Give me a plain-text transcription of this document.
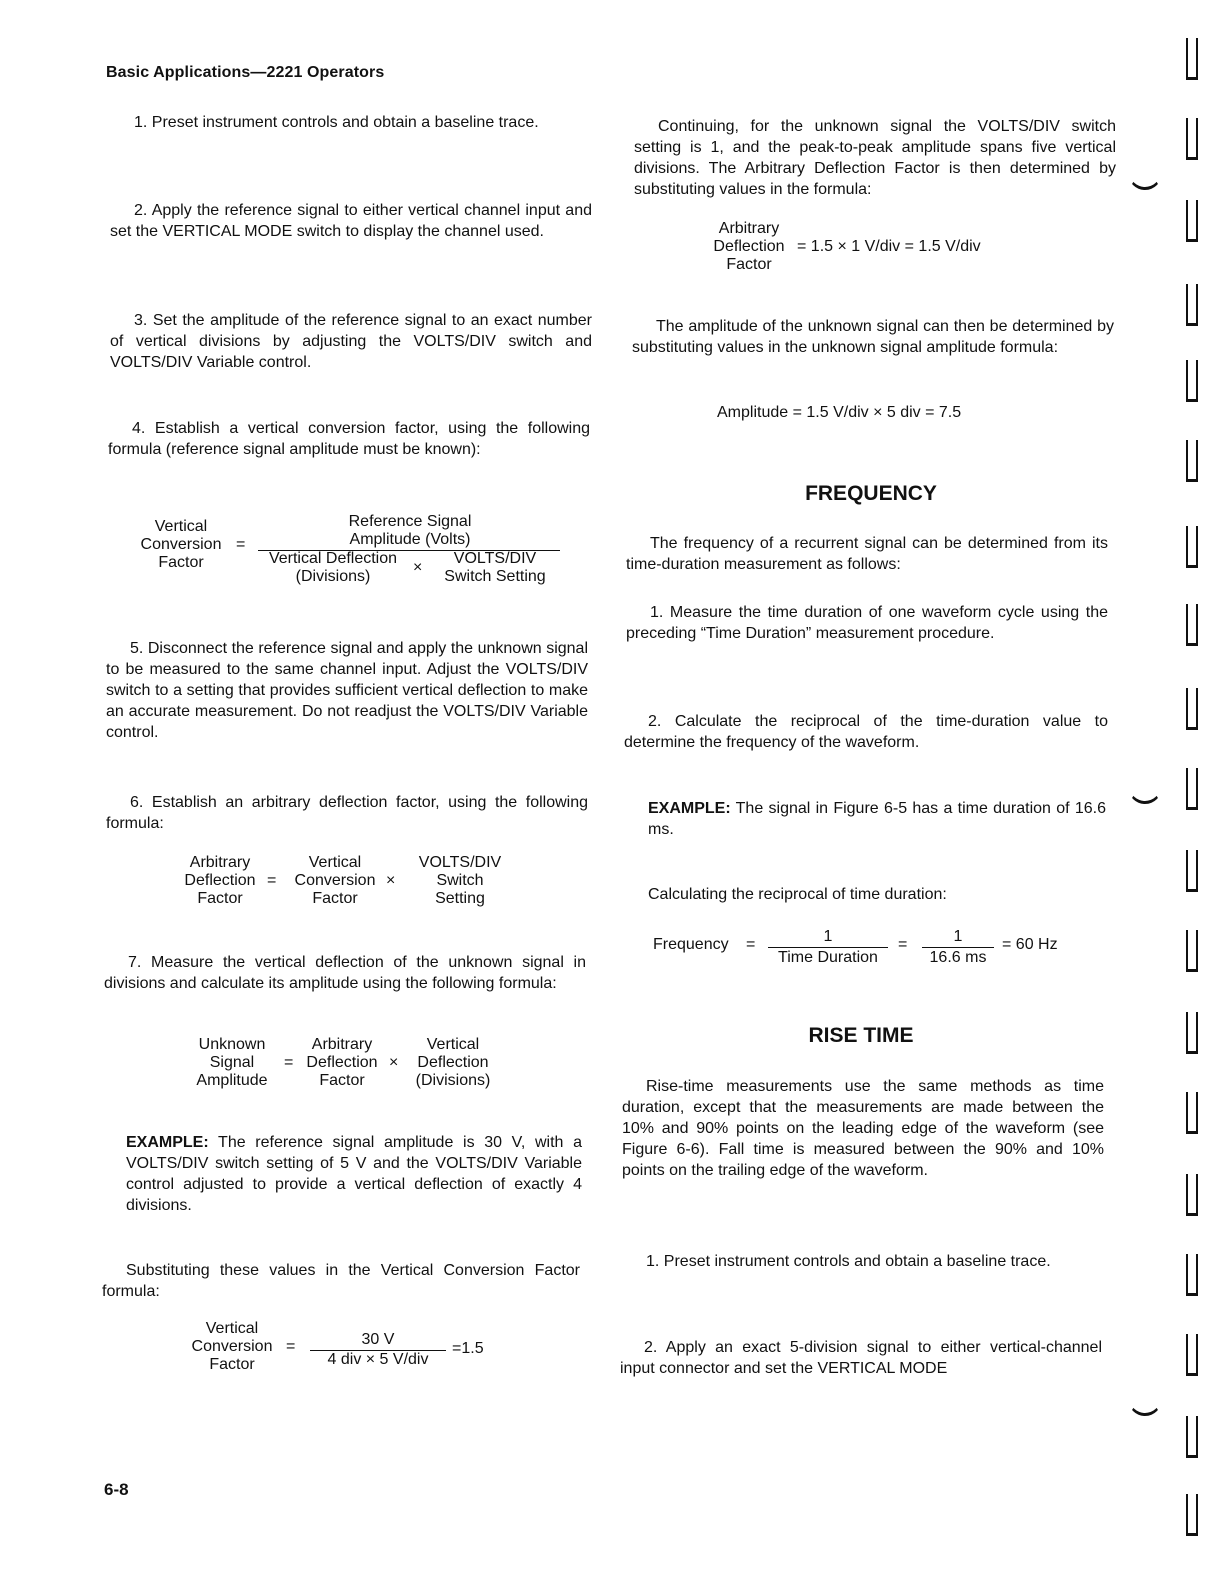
Basic Applications—2221 Operators
1. Preset instrument controls and obtain a baseline trace.
2. Apply the reference signal to either vertical channel input and set the VERTICAL MODE switch to display the channel used.
3. Set the amplitude of the reference signal to an exact number of vertical divisions by adjusting the VOLTS/DIV switch and VOLTS/DIV Variable control.
4. Establish a vertical conversion factor, using the following formula (reference signal amplitude must be known):
Vertical
Conversion
Factor
=
Reference Signal
Amplitude (Volts)
Vertical Deflection
(Divisions)
×
VOLTS/DIV
Switch Setting
5. Disconnect the reference signal and apply the unknown signal to be measured to the same channel input. Adjust the VOLTS/DIV switch to a setting that provides sufficient vertical deflection to make an accurate measurement. Do not readjust the VOLTS/DIV Variable control.
6. Establish an arbitrary deflection factor, using the following formula:
Arbitrary
Deflection
Factor
=
Vertical
Conversion
Factor
×
VOLTS/DIV
Switch
Setting
7. Measure the vertical deflection of the unknown signal in divisions and calculate its amplitude using the following formula:
Unknown
Signal
Amplitude
=
Arbitrary
Deflection
Factor
×
Vertical
Deflection
(Divisions)
EXAMPLE: The reference signal amplitude is 30 V, with a VOLTS/DIV switch setting of 5 V and the VOLTS/DIV Variable control adjusted to provide a vertical deflection of exactly 4 divisions.
Substituting these values in the Vertical Conversion Factor formula:
Vertical
Conversion
Factor
=	30 V
4 div × 5 V/div
=1.5
Continuing, for the unknown signal the VOLTS/DIV switch setting is 1, and the peak-to-peak amplitude spans five vertical divisions. The Arbitrary Deflection Factor is then determined by substituting values in the formula:
Arbitrary
Deflection
Factor
= 1.5 × 1 V/div = 1.5 V/div
The amplitude of the unknown signal can then be determined by substituting values in the unknown signal amplitude formula:
Amplitude = 1.5 V/div × 5 div = 7.5
FREQUENCY
The frequency of a recurrent signal can be determined from its time-duration measurement as follows:
1. Measure the time duration of one waveform cycle using the preceding “Time Duration” measurement procedure.
2. Calculate the reciprocal of the time-duration value to determine the frequency of the waveform.
EXAMPLE: The signal in Figure 6-5 has a time duration of 16.6 ms.
Calculating the reciprocal of time duration:
Frequency =	1
Time Duration
=	1
16.6 ms
= 60 Hz
RISE TIME
Rise-time measurements use the same methods as time duration, except that the measurements are made between the 10% and 90% points on the leading edge of the waveform (see Figure 6-6). Fall time is measured between the 90% and 10% points on the trailing edge of the waveform.
1. Preset instrument controls and obtain a baseline trace.
2. Apply an exact 5-division signal to either vertical-channel input connector and set the VERTICAL MODE
6-8
